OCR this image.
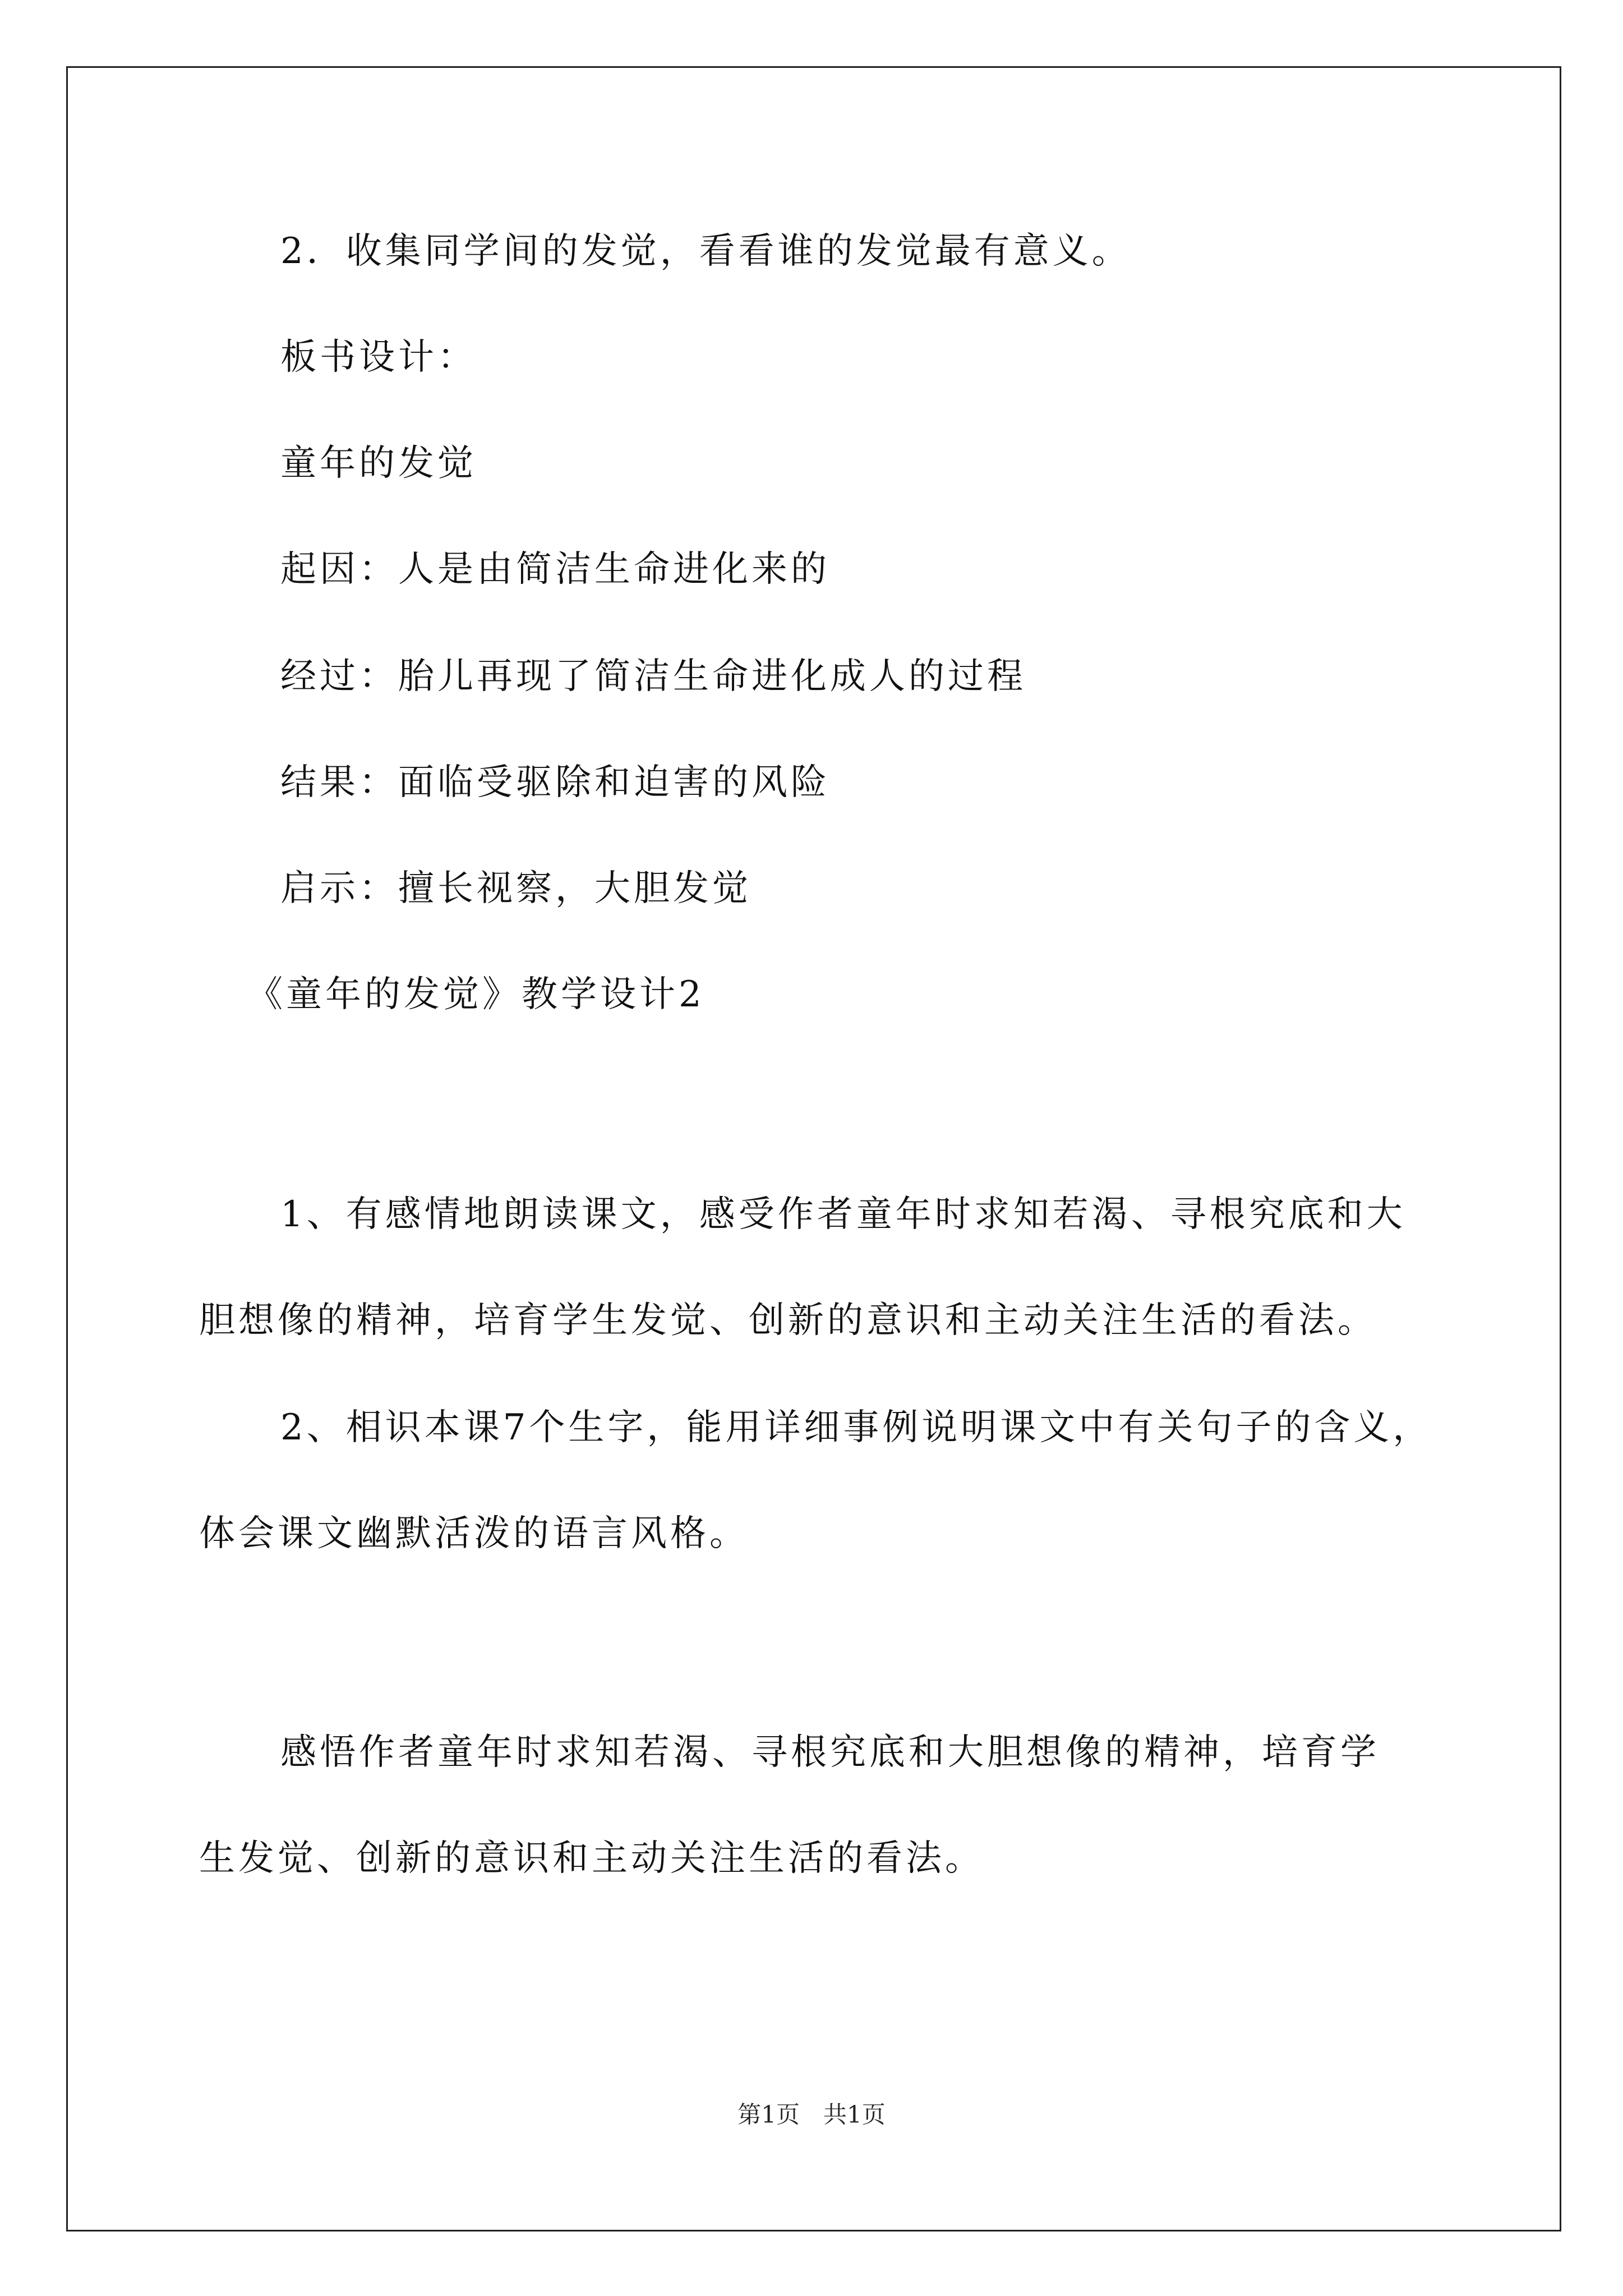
2．收集同学间的发觉，看看谁的发觉最有意义。
板书设计：
童年的发觉
起因：人是由简洁生命进化来的
经过：胎儿再现了简洁生命进化成人的过程
结果：面临受驱除和迫害的风险
启示：擅长视察，大胆发觉
《童年的发觉》教学设计2
1、有感情地朗读课文，感受作者童年时求知若渴、寻根究底和大
胆想像的精神，培育学生发觉、创新的意识和主动关注生活的看法。
2、相识本课7个生字，能用详细事例说明课文中有关句子的含义，
体会课文幽默活泼的语言风格。
感悟作者童年时求知若渴、寻根究底和大胆想像的精神，培育学
生发觉、创新的意识和主动关注生活的看法。
第1页　共1页
